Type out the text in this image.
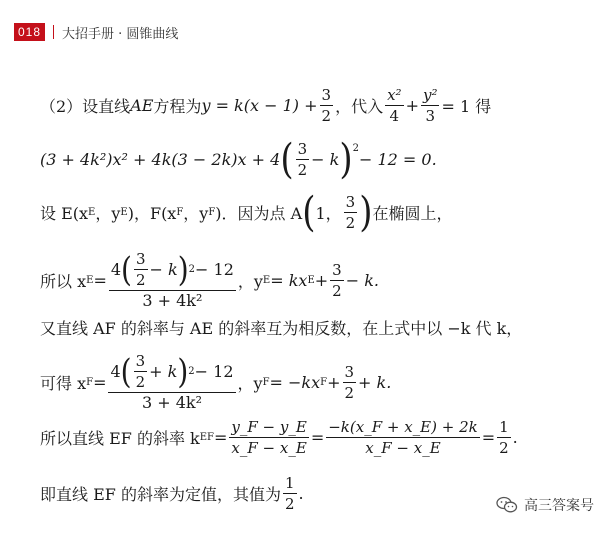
018	大招手册 · 圆锥曲线
（2）设直线 AE 方程为 $y = k(x - 1) + \frac{3}{2}$ ，代入 $\frac{\text{x²}}{4} + \frac{\text{y²}}{3} = 1$ 得
(3 + 4k²)x² + 4k(3 − 2k)x + 4 ( $\frac{3}{2} - k$ )$^2$
− 12 = 0.
设 E(x E ，y E )，F(x F ，y F )．因为点 A ( 1， $\frac{3}{2}$ ) 在椭圆上，
所以 x E =
4 ( $\frac{3}{2} - k$ ) 2 − 12
3 + 4k²
，y E = kx $E + \frac{3}{2} - k$.
又直线 AF 的斜率与 AE 的斜率互为相反数，在上式中以 −k 代 k，
可得 x F =
4 ( $\frac{3}{2} + k$ ) 2 − 12
3 + 4k²
，y F = −kx $F + \frac{3}{2} + k$.
所以直线 EF 的斜率 k EF = $\frac{y\_F - y\_E}{x\_F - x\_E} = \frac{-k(x\_F + x\_E) + 2k}{x\_F - x\_E} = \frac{1}{2}$ .
即直线 EF 的斜率为定值，其值为 $\frac{1}{2}$ .
高三答案号
